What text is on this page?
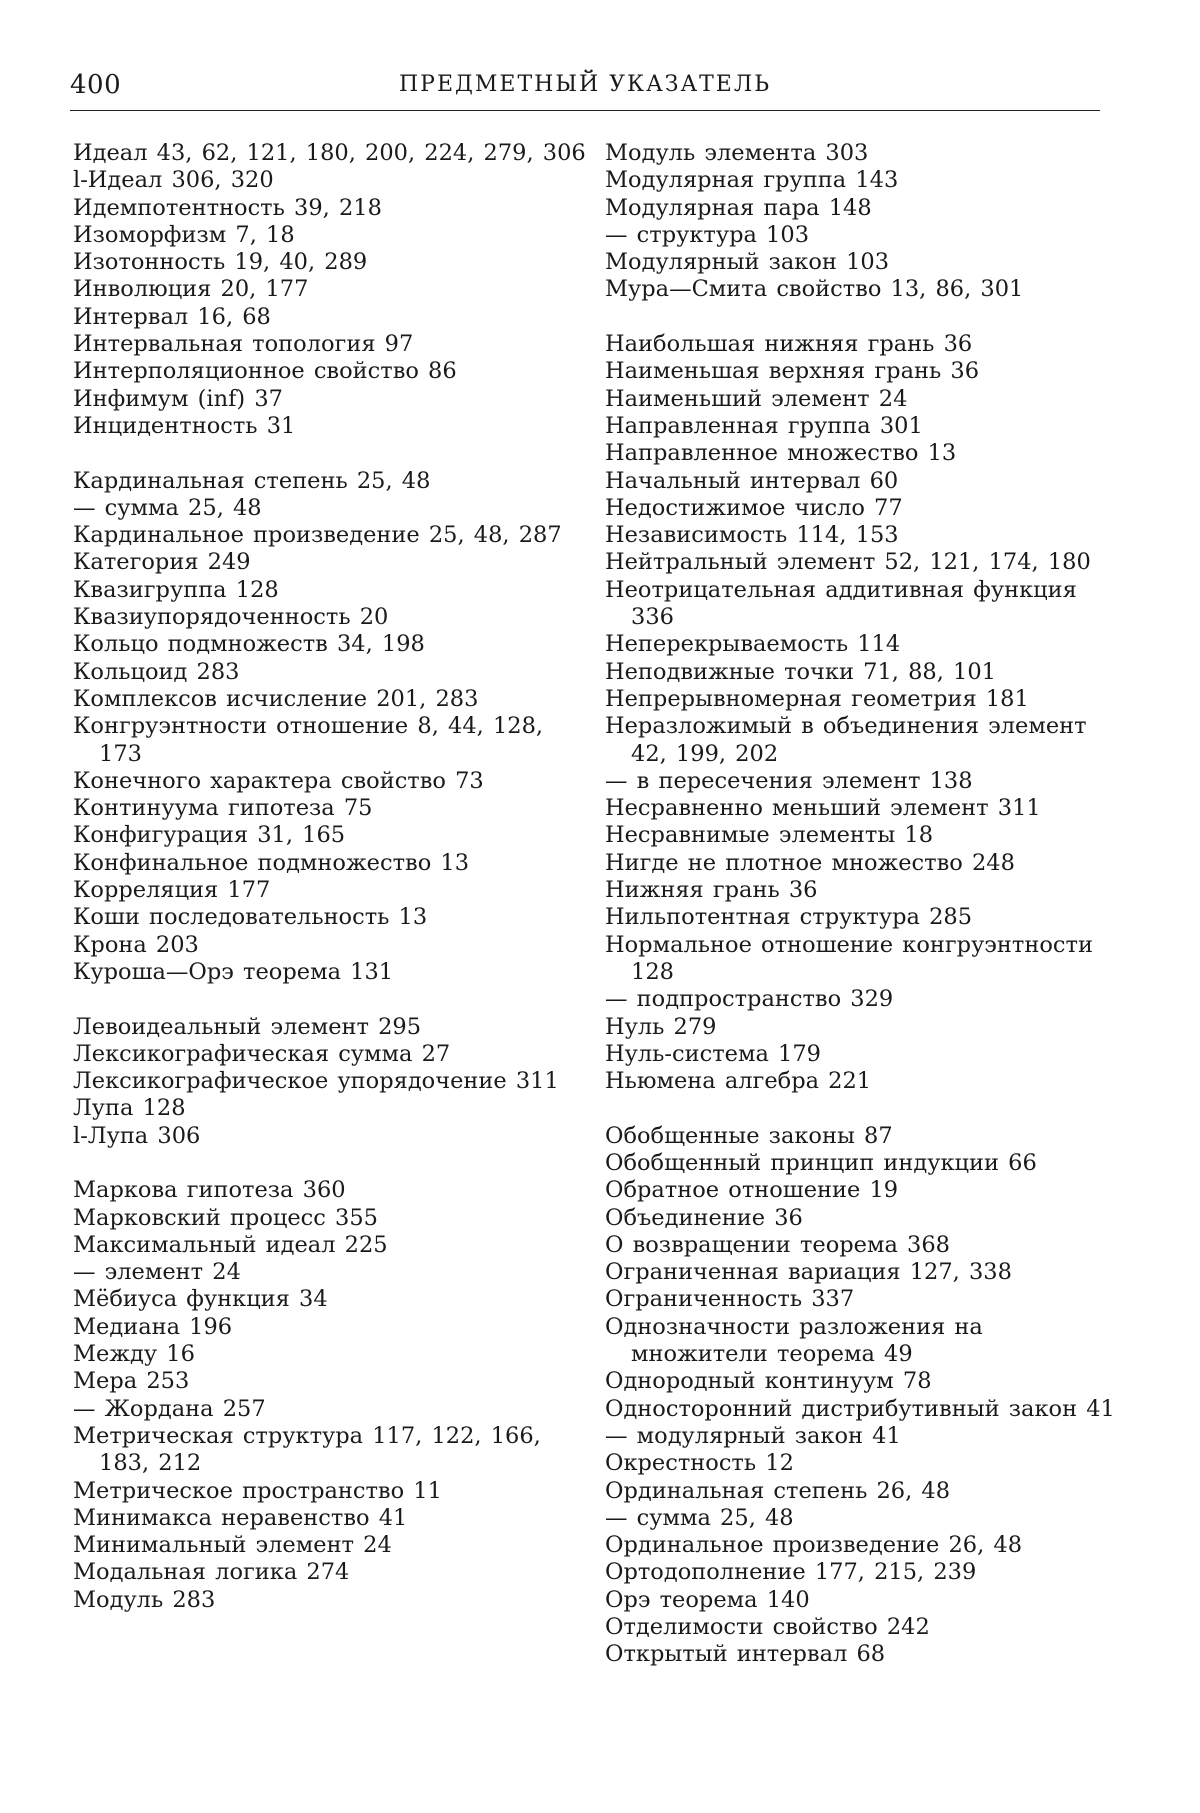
400	ПРЕДМЕТНЫЙ УКАЗАТЕЛЬ
Идеал 43, 62, 121, 180, 200, 224, 279, 306
l-Идеал 306, 320
Идемпотентность 39, 218
Изоморфизм 7, 18
Изотонность 19, 40, 289
Инволюция 20, 177
Интервал 16, 68
Интервальная топология 97
Интерполяционное свойство 86
Инфимум (inf) 37
Инцидентность 31
Кардинальная степень 25, 48
— сумма 25, 48
Кардинальное произведение 25, 48, 287
Категория 249
Квазигруппа 128
Квазиупорядоченность 20
Кольцо подмножеств 34, 198
Кольцоид 283
Комплексов исчисление 201, 283
Конгруэнтности отношение 8, 44, 128, 173
Конечного характера свойство 73
Континуума гипотеза 75
Конфигурация 31, 165
Конфинальное подмножество 13
Корреляция 177
Коши последовательность 13
Крона 203
Куроша—Орэ теорема 131
Левоидеальный элемент 295
Лексикографическая сумма 27
Лексикографическое упорядочение 311
Лупа 128
l-Лупа 306
Маркова гипотеза 360
Марковский процесс 355
Максимальный идеал 225
— элемент 24
Мёбиуса функция 34
Медиана 196
Между 16
Мера 253
— Жордана 257
Метрическая структура 117, 122, 166, 183, 212
Метрическое пространство 11
Минимакса неравенство 41
Минимальный элемент 24
Модальная логика 274
Модуль 283
Модуль элемента 303
Модулярная группа 143
Модулярная пара 148
— структура 103
Модулярный закон 103
Мура—Смита свойство 13, 86, 301
Наибольшая нижняя грань 36
Наименьшая верхняя грань 36
Наименьший элемент 24
Направленная группа 301
Направленное множество 13
Начальный интервал 60
Недостижимое число 77
Независимость 114, 153
Нейтральный элемент 52, 121, 174, 180
Неотрицательная аддитивная функция 336
Неперекрываемость 114
Неподвижные точки 71, 88, 101
Непрерывномерная геометрия 181
Неразложимый в объединения элемент 42, 199, 202
— в пересечения элемент 138
Несравненно меньший элемент 311
Несравнимые элементы 18
Нигде не плотное множество 248
Нижняя грань 36
Нильпотентная структура 285
Нормальное отношение конгруэнтности 128
— подпространство 329
Нуль 279
Нуль-система 179
Ньюмена алгебра 221
Обобщенные законы 87
Обобщенный принцип индукции 66
Обратное отношение 19
Объединение 36
О возвращении теорема 368
Ограниченная вариация 127, 338
Ограниченность 337
Однозначности разложения на множители теорема 49
Однородный континуум 78
Односторонний дистрибутивный закон 41
— модулярный закон 41
Окрестность 12
Ординальная степень 26, 48
— сумма 25, 48
Ординальное произведение 26, 48
Ортодополнение 177, 215, 239
Орэ теорема 140
Отделимости свойство 242
Открытый интервал 68
